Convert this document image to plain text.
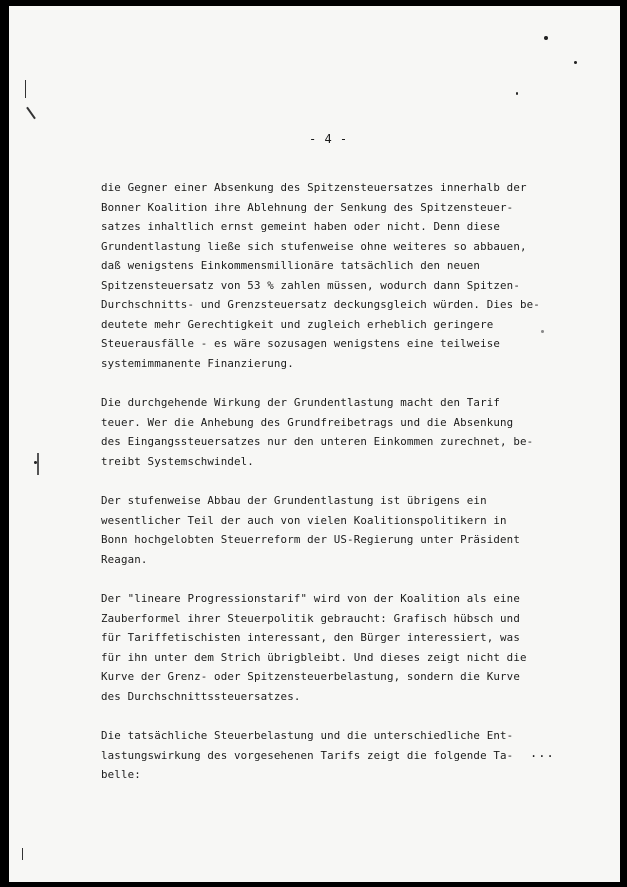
- 4 -
die Gegner einer Absenkung des Spitzensteuersatzes innerhalb der
Bonner Koalition ihre Ablehnung der Senkung des Spitzensteuer-
satzes inhaltlich ernst gemeint haben oder nicht. Denn diese
Grundentlastung ließe sich stufenweise ohne weiteres so abbauen,
daß wenigstens Einkommensmillionäre tatsächlich den neuen
Spitzensteuersatz von 53 % zahlen müssen, wodurch dann Spitzen-
Durchschnitts- und Grenzsteuersatz deckungsgleich würden. Dies be-
deutete mehr Gerechtigkeit und zugleich erheblich geringere
Steuerausfälle - es wäre sozusagen wenigstens eine teilweise
systemimmanente Finanzierung.
Die durchgehende Wirkung der Grundentlastung macht den Tarif
teuer. Wer die Anhebung des Grundfreibetrags und die Absenkung
des Eingangssteuersatzes nur den unteren Einkommen zurechnet, be-
treibt Systemschwindel.
Der stufenweise Abbau der Grundentlastung ist übrigens ein
wesentlicher Teil der auch von vielen Koalitionspolitikern in
Bonn hochgelobten Steuerreform der US-Regierung unter Präsident
Reagan.
Der "lineare Progressionstarif" wird von der Koalition als eine
Zauberformel ihrer Steuerpolitik gebraucht: Grafisch hübsch und
für Tariffetischisten interessant, den Bürger interessiert, was
für ihn unter dem Strich übrigbleibt. Und dieses zeigt nicht die
Kurve der Grenz- oder Spitzensteuerbelastung, sondern die Kurve
des Durchschnittssteuersatzes.
Die tatsächliche Steuerbelastung und die unterschiedliche Ent-
lastungswirkung des vorgesehenen Tarifs zeigt die folgende Ta-
belle:
...
